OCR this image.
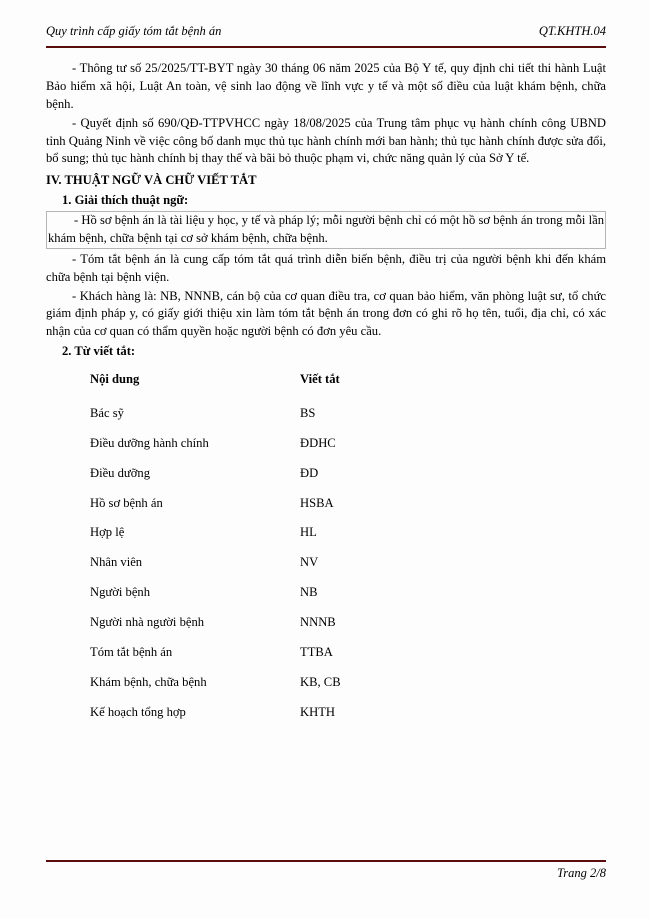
Quy trình cấp giấy tóm tắt bệnh án	QT.KHTH.04

- Thông tư số 25/2025/TT-BYT ngày 30 tháng 06 năm 2025 của Bộ Y tế, quy định chi tiết thi hành Luật Bảo hiểm xã hội, Luật An toàn, vệ sinh lao động về lĩnh vực y tế và một số điều của luật khám bệnh, chữa bệnh.

- Quyết định số 690/QĐ-TTPVHCC ngày 18/08/2025 của Trung tâm phục vụ hành chính công UBND tỉnh Quảng Ninh về việc công bố danh mục thủ tục hành chính mới ban hành; thủ tục hành chính được sửa đổi, bổ sung; thủ tục hành chính bị thay thế và bãi bỏ thuộc phạm vi, chức năng quản lý của Sở Y tế.

IV. THUẬT NGỮ VÀ CHỮ VIẾT TẮT

1. Giải thích thuật ngữ:

- Hồ sơ bệnh án là tài liệu y học, y tế và pháp lý; mỗi người bệnh chỉ có một hồ sơ bệnh án trong mỗi lần khám bệnh, chữa bệnh tại cơ sở khám bệnh, chữa bệnh.

- Tóm tắt bệnh án là cung cấp tóm tắt quá trình diễn biến bệnh, điều trị của người bệnh khi đến khám chữa bệnh tại bệnh viện.

- Khách hàng là: NB, NNNB, cán bộ của cơ quan điều tra, cơ quan bảo hiểm, văn phòng luật sư, tổ chức giám định pháp y, có giấy giới thiệu xin làm tóm tắt bệnh án trong đơn có ghi rõ họ tên, tuổi, địa chỉ, có xác nhận của cơ quan có thẩm quyền hoặc người bệnh có đơn yêu cầu.

2. Từ viết tắt:

Nội dung	Viết tắt
Bác sỹ	BS
Điều dưỡng hành chính	ĐDHC
Điều dưỡng	ĐD
Hồ sơ bệnh án	HSBA
Hợp lệ	HL
Nhân viên	NV
Người bệnh	NB
Người nhà người bệnh	NNNB
Tóm tắt bệnh án	TTBA
Khám bệnh, chữa bệnh	KB, CB
Kế hoạch tổng hợp	KHTH
Trang 2/8
